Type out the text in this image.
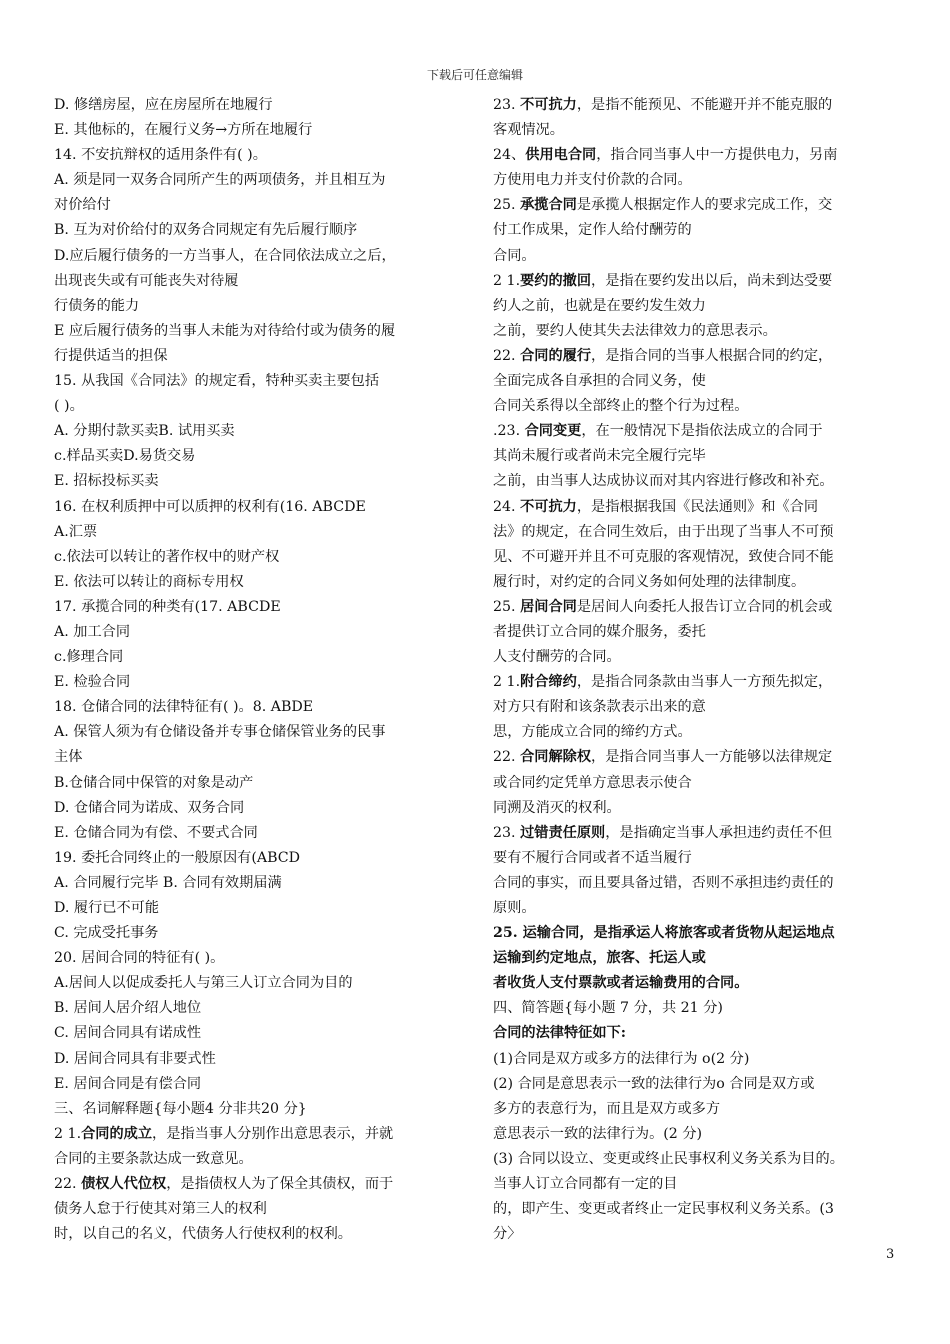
下载后可任意编辑
D. 修缮房屋，应在房屋所在地履行
E. 其他标的，在履行义务→方所在地履行
14. 不安抗辩权的适用条件有( )。
A. 须是同一双务合同所产生的两项债务，并且相互为
对价给付
B. 互为对价给付的双务合同规定有先后履行顺序
D.应后履行债务的一方当事人，在合同依法成立之后，
出现丧失或有可能丧失对待履
行债务的能力
E 应后履行债务的当事人未能为对待给付或为债务的履
行提供适当的担保
15. 从我国《合同法》的规定看，特种买卖主要包括
( )。
A. 分期付款买卖B. 试用买卖
c.样品买卖D.易货交易
E. 招标投标买卖
16. 在权利质押中可以质押的权利有(16. ABCDE
A.汇票
c.依法可以转让的著作权中的财产权
E. 依法可以转让的商标专用权
17. 承揽合同的种类有(17. ABCDE
A. 加工合同
c.修理合同
E. 检验合同
18. 仓储合同的法律特征有( )。8. ABDE
A. 保管人须为有仓储设备并专事仓储保管业务的民事
主体
B.仓储合同中保管的对象是动产
D. 仓储合同为诺成、双务合同
E. 仓储合同为有偿、不要式合同
19. 委托合同终止的一般原因有(ABCD
A. 合同履行完毕 B. 合同有效期届满
D. 履行已不可能
C. 完成受托事务
20. 居间合同的特征有( )。
A.居间人以促成委托人与第三人订立合同为目的
B. 居间人居介绍人地位
C. 居间合同具有诺成性
D. 居间合同具有非要式性
E. 居间合同是有偿合同
三、名词解释题{每小题4 分非共20 分}
2 1.合同的成立，是指当事人分别作出意思表示，并就
合同的主要条款达成一致意见。
22. 债权人代位权，是指债权人为了保全其债权，而于
债务人怠于行使其对第三人的权利
时，以自己的名义，代债务人行使权利的权利。
23. 不可抗力，是指不能预见、不能避开并不能克服的
客观情况。
24、供用电合同，指合同当事人中一方提供电力，另南
方使用电力并支付价款的合同。
25. 承揽合同是承揽人根据定作人的要求完成工作，交
付工作成果，定作人给付酬劳的
合同。
2 1.要约的撤回，是指在要约发出以后，尚未到达受要
约人之前，也就是在要约发生效力
之前，要约人使其失去法律效力的意思表示。
22. 合同的履行，是指合同的当事人根据合同的约定，
全面完成各自承担的合同义务，使
合同关系得以全部终止的整个行为过程。
.23. 合同变更，在一般情况下是指依法成立的合同于
其尚未履行或者尚未完全履行完毕
之前，由当事人达成协议而对其内容进行修改和补充。
24. 不可抗力，是指根据我国《民法通则》和《合同
法》的规定，在合同生效后，由于出现了当事人不可预
见、不可避开并且不可克服的客观情况，致使合同不能
履行时，对约定的合同义务如何处理的法律制度。
25. 居间合同是居间人向委托人报告订立合同的机会或
者提供订立合同的媒介服务，委托
人支付酬劳的合同。
2 1.附合缔约，是指合同条款由当事人一方预先拟定，
对方只有附和该条款表示出来的意
思，方能成立合同的缔约方式。
22. 合同解除权，是指合同当事人一方能够以法律规定
或合同约定凭单方意思表示使合
同溯及消灭的权利。
23. 过错责任原则，是指确定当事人承担违约责任不但
要有不履行合同或者不适当履行
合同的事实，而且要具备过错，否则不承担违约责任的
原则。
25. 运输合同，是指承运人将旅客或者货物从起运地点
运输到约定地点，旅客、托运人或
者收货人支付票款或者运输费用的合同。
四、简答题{每小题 7 分，共 21 分)
合同的法律特征如下:
(1)合同是双方或多方的法律行为 o(2 分)
(2) 合同是意思表示一致的法律行为o 合同是双方或
多方的表意行为，而且是双方或多方
意思表示一致的法律行为。(2 分)
(3) 合同以设立、变更或终止民事权利义务关系为目的。
当事人订立合同都有一定的目
的，即产生、变更或者终止一定民事权利义务关系。(3
分〉
3
